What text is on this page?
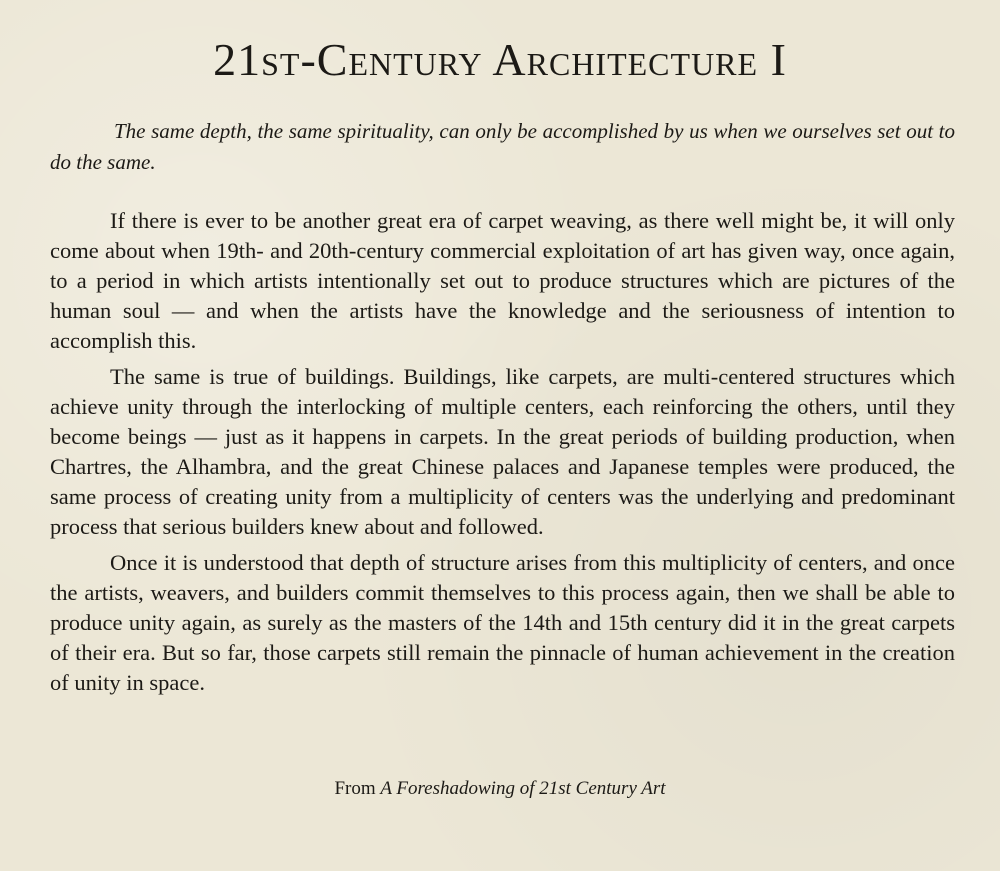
21st-Century Architecture I

The same depth, the same spirituality, can only be accomplished by us when we ourselves set out to do the same.

If there is ever to be another great era of carpet weaving, as there well might be, it will only come about when 19th- and 20th-century commercial exploitation of art has given way, once again, to a period in which artists intentionally set out to produce structures which are pictures of the human soul — and when the artists have the knowledge and the seriousness of intention to accomplish this.

The same is true of buildings. Buildings, like carpets, are multi-centered structures which achieve unity through the interlocking of multiple centers, each reinforcing the others, until they become beings — just as it happens in carpets. In the great periods of building production, when Chartres, the Alhambra, and the great Chinese palaces and Japanese temples were produced, the same process of creating unity from a multiplicity of centers was the underlying and predominant process that serious builders knew about and followed.

Once it is understood that depth of structure arises from this multiplicity of centers, and once the artists, weavers, and builders commit themselves to this process again, then we shall be able to produce unity again, as surely as the masters of the 14th and 15th century did it in the great carpets of their era. But so far, those carpets still remain the pinnacle of human achievement in the creation of unity in space.

From A Foreshadowing of 21st Century Art
